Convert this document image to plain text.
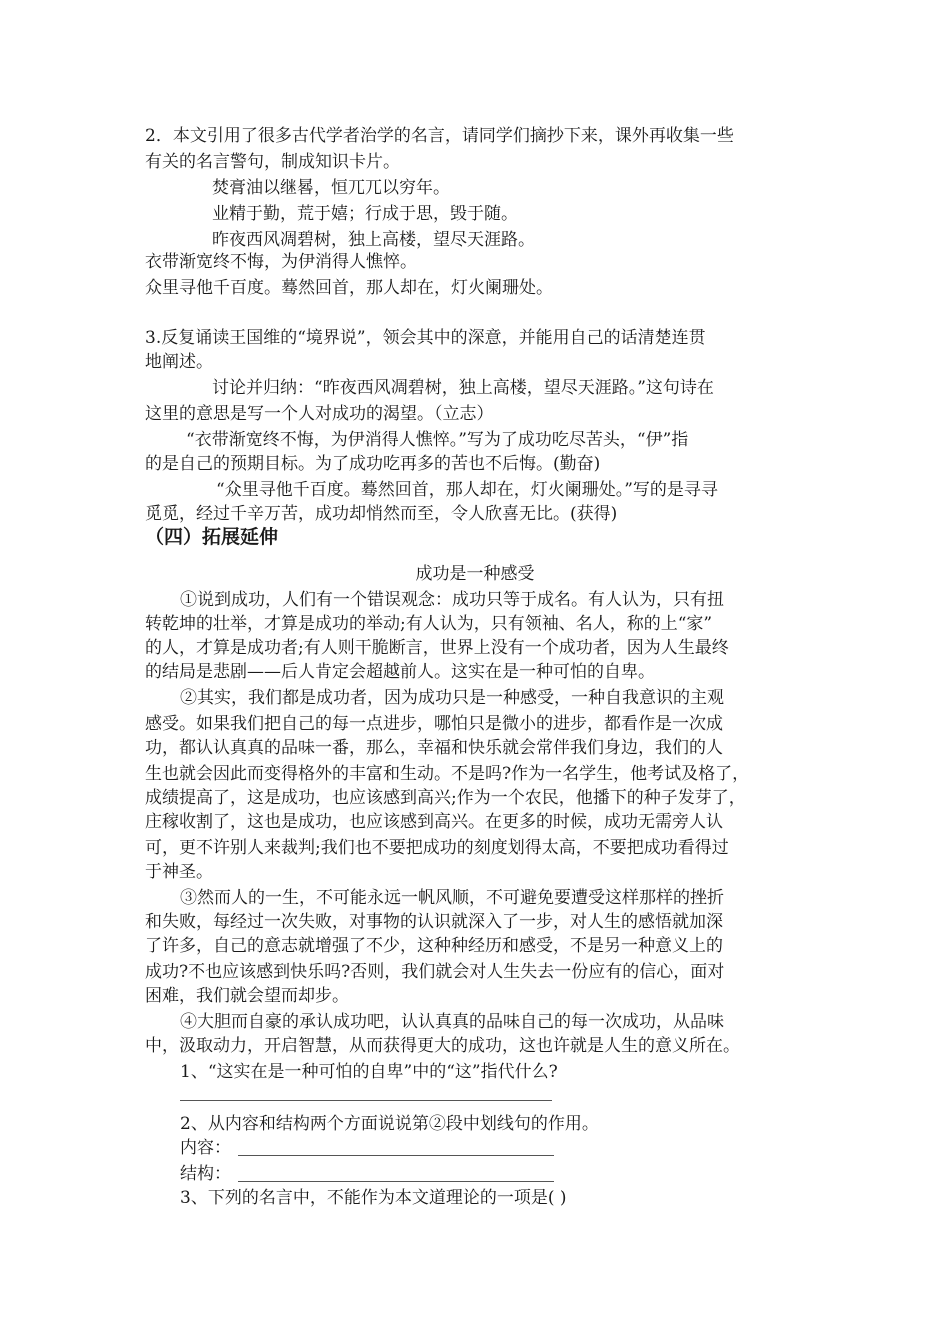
2．本文引用了很多古代学者治学的名言，请同学们摘抄下来，课外再收集一些
有关的名言警句，制成知识卡片。
焚膏油以继晷，恒兀兀以穷年。
业精于勤，荒于嬉；行成于思，毁于随。
昨夜西风凋碧树，独上高楼，望尽天涯路。
衣带渐宽终不悔，为伊消得人憔悴。
众里寻他千百度。蓦然回首，那人却在，灯火阑珊处。
3.反复诵读王国维的“境界说”，领会其中的深意，并能用自己的话清楚连贯
地阐述。
讨论并归纳：“昨夜西风凋碧树，独上高楼，望尽天涯路。”这句诗在
这里的意思是写一个人对成功的渴望。（立志）
“衣带渐宽终不悔，为伊消得人憔悴。”写为了成功吃尽苦头，“伊”指
的是自己的预期目标。为了成功吃再多的苦也不后悔。(勤奋)
“众里寻他千百度。蓦然回首，那人却在，灯火阑珊处。”写的是寻寻
觅觅，经过千辛万苦，成功却悄然而至，令人欣喜无比。(获得)
（四）拓展延伸
成功是一种感受
①说到成功，人们有一个错误观念：成功只等于成名。有人认为，只有扭
转乾坤的壮举，才算是成功的举动;有人认为，只有领袖、名人，称的上“家”
的人，才算是成功者;有人则干脆断言，世界上没有一个成功者，因为人生最终
的结局是悲剧——后人肯定会超越前人。这实在是一种可怕的自卑。
②其实，我们都是成功者，因为成功只是一种感受，一种自我意识的主观
感受。如果我们把自己的每一点进步，哪怕只是微小的进步，都看作是一次成
功，都认认真真的品味一番，那么，幸福和快乐就会常伴我们身边，我们的人
生也就会因此而变得格外的丰富和生动。不是吗?作为一名学生，他考试及格了，
成绩提高了，这是成功，也应该感到高兴;作为一个农民，他播下的种子发芽了，
庄稼收割了，这也是成功，也应该感到高兴。在更多的时候，成功无需旁人认
可，更不许别人来裁判;我们也不要把成功的刻度划得太高，不要把成功看得过
于神圣。
③然而人的一生，不可能永远一帆风顺，不可避免要遭受这样那样的挫折
和失败，每经过一次失败，对事物的认识就深入了一步，对人生的感悟就加深
了许多，自己的意志就增强了不少，这种种经历和感受，不是另一种意义上的
成功?不也应该感到快乐吗?否则，我们就会对人生失去一份应有的信心，面对
困难，我们就会望而却步。
④大胆而自豪的承认成功吧，认认真真的品味自己的每一次成功，从品味
中，汲取动力，开启智慧，从而获得更大的成功，这也许就是人生的意义所在。
1、“这实在是一种可怕的自卑”中的“这”指代什么?
2、从内容和结构两个方面说说第②段中划线句的作用。
内容：
结构：
3、下列的名言中，不能作为本文道理论的一项是( )
